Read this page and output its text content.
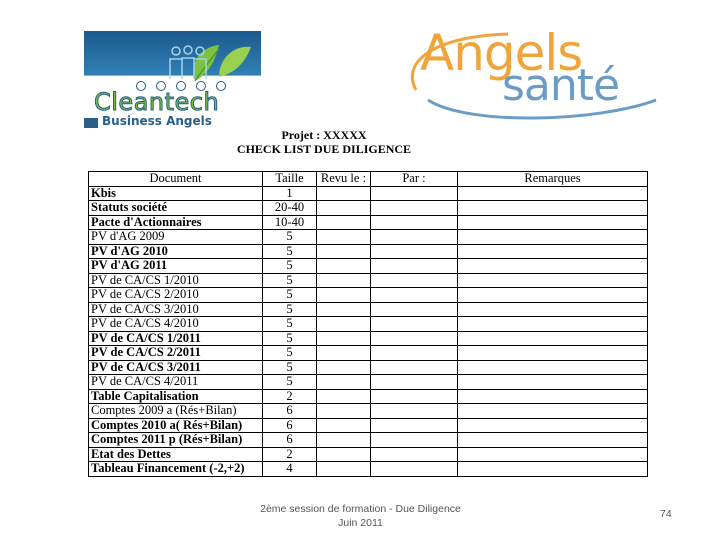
Cleantech
Business Angels
Angels
santé
Projet : XXXXX
CHECK LIST DUE DILIGENCE
Document	Taille	Revu le :	Par :	Remarques
Kbis	1			
Statuts société	20-40			
Pacte d'Actionnaires	10-40			
PV d'AG 2009	5			
PV d'AG 2010	5			
PV d'AG 2011	5			
PV de CA/CS 1/2010	5			
PV de CA/CS 2/2010	5			
PV de CA/CS 3/2010	5			
PV de CA/CS 4/2010	5			
PV de CA/CS 1/2011	5			
PV de CA/CS 2/2011	5			
PV de CA/CS 3/2011	5			
PV de CA/CS 4/2011	5			
Table Capitalisation	2			
Comptes 2009 a (Rés+Bilan)	6			
Comptes 2010 a( Rés+Bilan)	6			
Comptes 2011 p (Rés+Bilan)	6			
Etat des Dettes	2			
Tableau Financement (-2,+2)	4			
2ème session de formation - Due Diligence
Juin 2011
74
